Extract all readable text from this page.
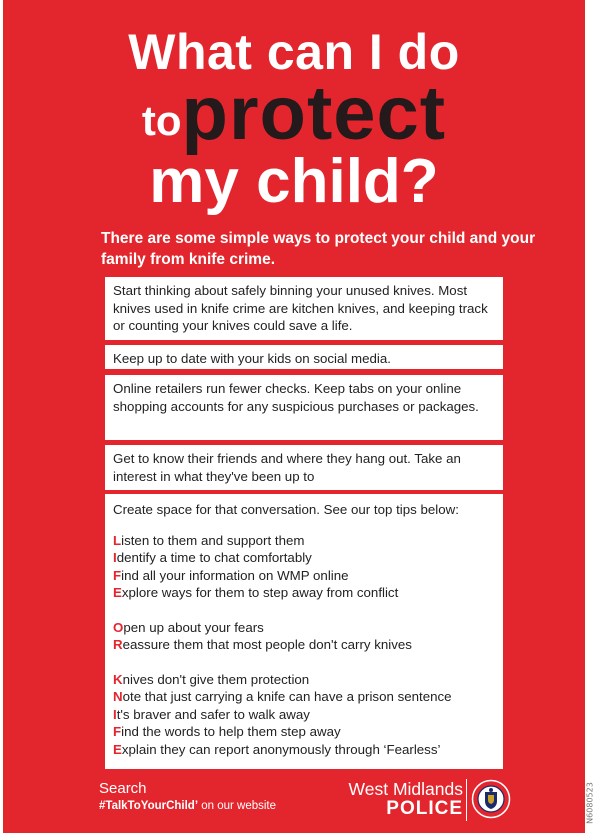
What can I do
toprotect
my child?
There are some simple ways to protect your child and your family from knife crime.
Start thinking about safely binning your unused knives. Most knives used in knife crime are kitchen knives, and keeping track or counting your knives could save a life.
Keep up to date with your kids on social media.
Online retailers run fewer checks. Keep tabs on your online shopping accounts for any suspicious purchases or packages.
Get to know their friends and where they hang out. Take an interest in what they've been up to
Create space for that conversation. See our top tips below:
Listen to them and support them
Identify a time to chat comfortably
Find all your information on WMP online
Explore ways for them to step away from conflict
Open up about your fears
Reassure them that most people don't carry knives
Knives don't give them protection
Note that just carrying a knife can have a prison sentence
It's braver and safer to walk away
Find the words to help them step away
Explain they can report anonymously through ‘Fearless’
Search
#TalkToYourChild’ on our website
West Midlands
POLICE	N6080523
